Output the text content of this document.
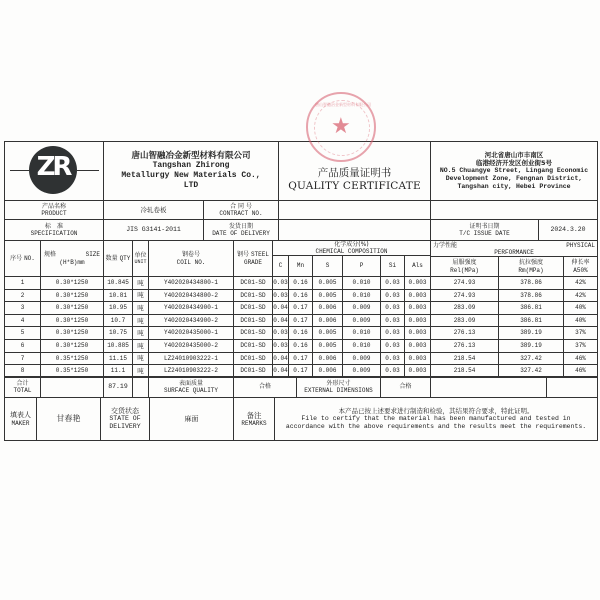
ZR	唐山智融冶金新型材料有限公司
Tangshan Zhirong
Metallurgy New Materials Co.,
LTD
产品质量证明书
QUALITY CERTIFICATE
唐山智融冶金新型材料有限公司
★
河北省唐山市丰南区
临港经济开发区创业街5号
NO.5 Chuangye Street, Lingang Economic Development Zone, Fengnan District, Tangshan city, Hebei Province
产品名称
PRODUCT	冷轧卷板	合 同 号
CONTRACT NO.
标　准
SPECIFICATION
JIS G3141-2011	发货日期
DATE OF DELIVERY
证明书日期
T/C ISSUE DATE
2024.3.20
序号
NO.
规格	SIZE
(H*B)mm
数量
QTY 单位
UNIT
钢卷号
COIL NO.
钢号 STEEL
GRADE
化学成分(%)
CHEMICAL COMPOSITION
C	Mn	S	P	Si	Als
力学性能	PHYSICAL
PERFORMANCE
屈服强度
Rel(MPa)
抗拉强度
Rm(MPa)
伸长率
A50%
1	0.30*1250	10.845	吨	Y402020434800-1	DC01-SD	0.03 0.16	0.005	0.010	0.03	0.003	274.93	378.86	42%
2	0.30*1250	10.81	吨	Y402020434800-2	DC01-SD	0.03 0.16	0.005	0.010	0.03	0.003	274.93	378.86	42%
3	0.30*1250	10.95	吨	Y402020434900-1	DC01-SD	0.04 0.17	0.006	0.009	0.03	0.003	283.09	386.81	40%
4	0.30*1250	10.7	吨	Y402020434900-2	DC01-SD	0.04 0.17	0.006	0.009	0.03	0.003	283.09	386.81	40%
5	0.30*1250	10.75	吨	Y402020435000-1	DC01-SD	0.03 0.16	0.005	0.010	0.03	0.003	276.13	389.19	37%
6	0.30*1250	10.885	吨	Y402020435000-2	DC01-SD	0.03 0.16	0.005	0.010	0.03	0.003	276.13	389.19	37%
7	0.35*1250	11.15	吨	LZ24010903222-1	DC01-SD	0.04 0.17	0.006	0.009	0.03	0.003	218.54	327.42	46%
8	0.35*1250	11.1	吨	LZ24010903222-2	DC01-SD	0.04 0.17	0.006	0.009	0.03	0.003	218.54	327.42	46%
合计
TOTAL
87.19	表面质量
SURFACE QUALITY
合格
外形尺寸
EXTERNAL DIMENSIONS
合格
填表人
MAKER
甘春艳
交货状态
STATE OF
DELIVERY
麻面	备注
REMARKS
本产品已按上述要求进行制造和检验，其结果符合要求，特此证明。
File to certify that the material has been manufactured and tested in accordance with the above requirements and the results meet the requirements.
